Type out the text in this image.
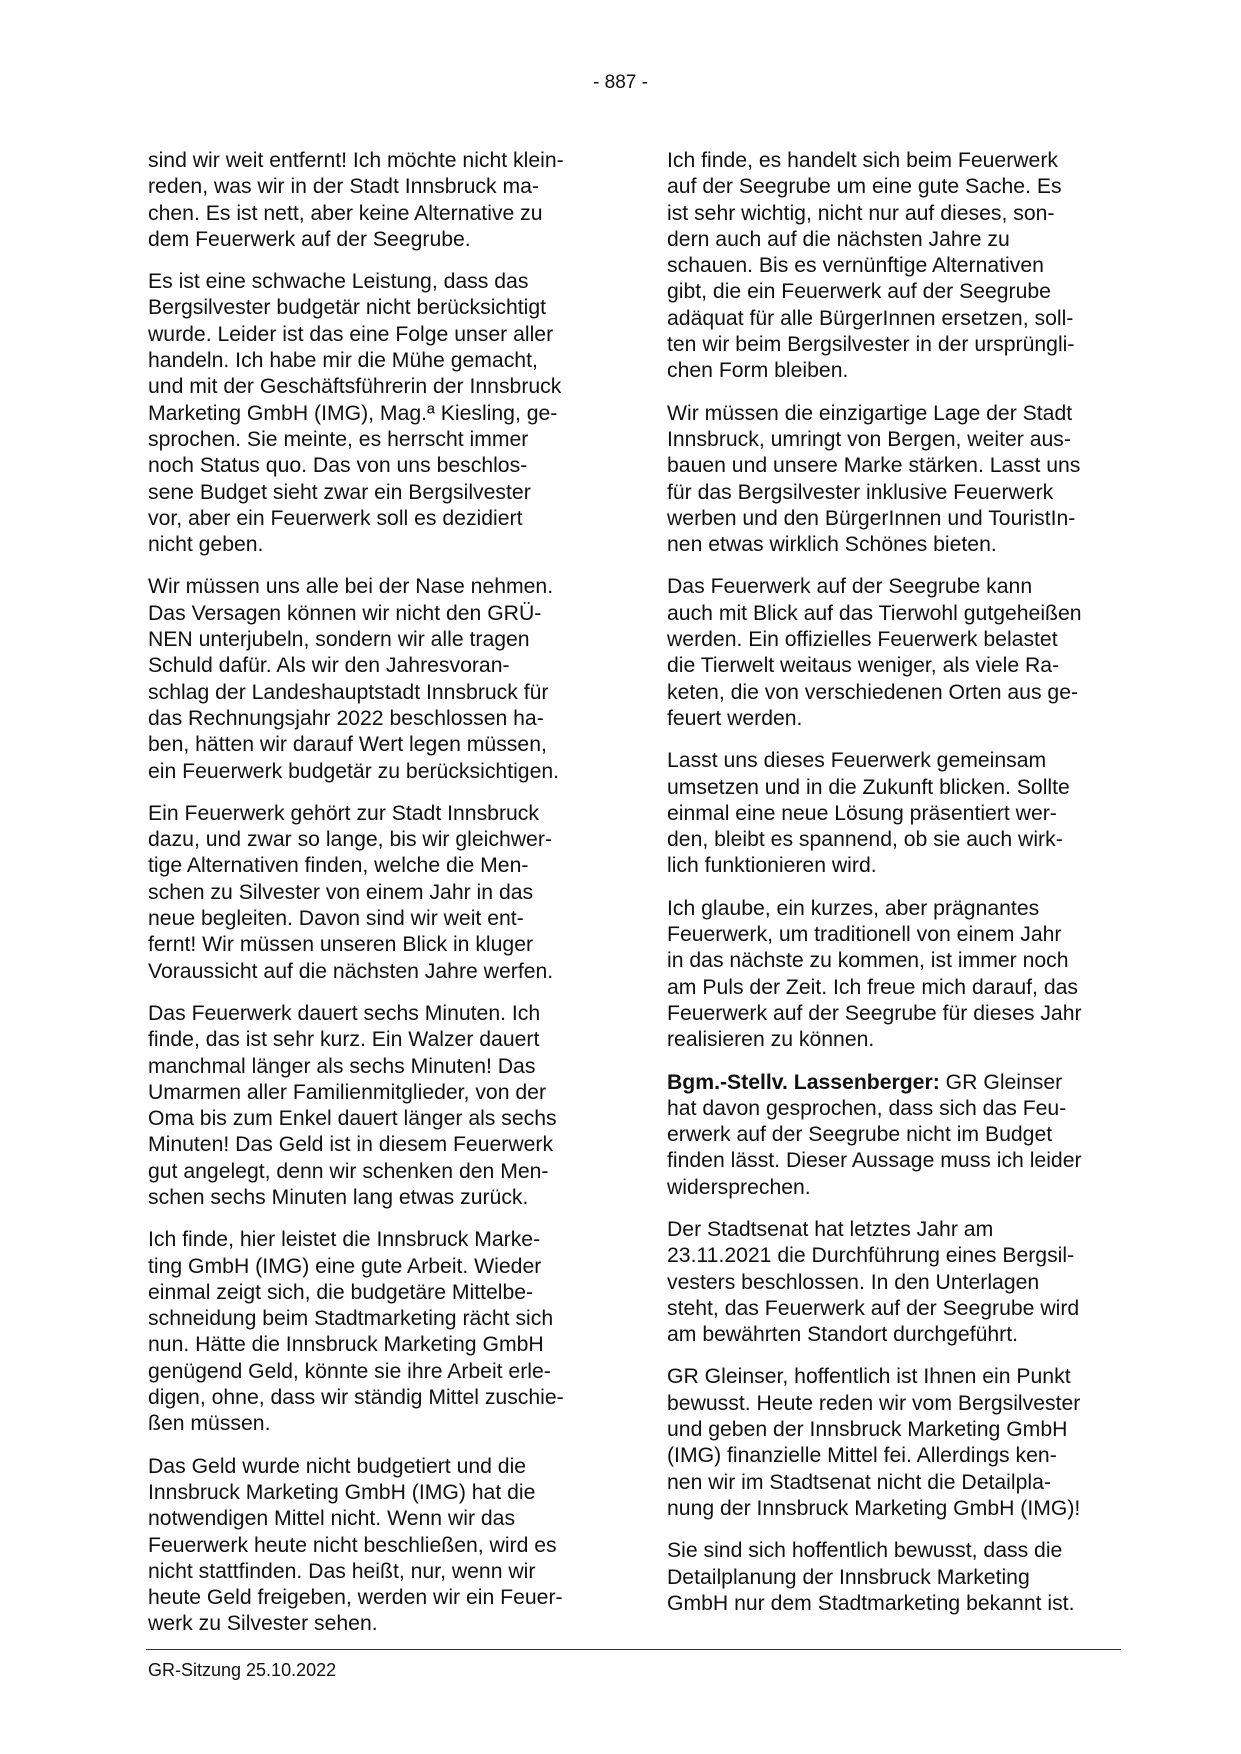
- 887 -

sind wir weit entfernt! Ich möchte nicht klein-
reden, was wir in der Stadt Innsbruck ma-
chen. Es ist nett, aber keine Alternative zu
dem Feuerwerk auf der Seegrube.

Es ist eine schwache Leistung, dass das
Bergsilvester budgetär nicht berücksichtigt
wurde. Leider ist das eine Folge unser aller
handeln. Ich habe mir die Mühe gemacht,
und mit der Geschäftsführerin der Innsbruck
Marketing GmbH (IMG), Mag.ª Kiesling, ge-
sprochen. Sie meinte, es herrscht immer
noch Status quo. Das von uns beschlos-
sene Budget sieht zwar ein Bergsilvester
vor, aber ein Feuerwerk soll es dezidiert
nicht geben.

Wir müssen uns alle bei der Nase nehmen.
Das Versagen können wir nicht den GRÜ-
NEN unterjubeln, sondern wir alle tragen
Schuld dafür. Als wir den Jahresvoran-
schlag der Landeshauptstadt Innsbruck für
das Rechnungsjahr 2022 beschlossen ha-
ben, hätten wir darauf Wert legen müssen,
ein Feuerwerk budgetär zu berücksichtigen.

Ein Feuerwerk gehört zur Stadt Innsbruck
dazu, und zwar so lange, bis wir gleichwer-
tige Alternativen finden, welche die Men-
schen zu Silvester von einem Jahr in das
neue begleiten. Davon sind wir weit ent-
fernt! Wir müssen unseren Blick in kluger
Voraussicht auf die nächsten Jahre werfen.

Das Feuerwerk dauert sechs Minuten. Ich
finde, das ist sehr kurz. Ein Walzer dauert
manchmal länger als sechs Minuten! Das
Umarmen aller Familienmitglieder, von der
Oma bis zum Enkel dauert länger als sechs
Minuten! Das Geld ist in diesem Feuerwerk
gut angelegt, denn wir schenken den Men-
schen sechs Minuten lang etwas zurück.

Ich finde, hier leistet die Innsbruck Marke-
ting GmbH (IMG) eine gute Arbeit. Wieder
einmal zeigt sich, die budgetäre Mittelbe-
schneidung beim Stadtmarketing rächt sich
nun. Hätte die Innsbruck Marketing GmbH
genügend Geld, könnte sie ihre Arbeit erle-
digen, ohne, dass wir ständig Mittel zuschie-
ßen müssen.

Das Geld wurde nicht budgetiert und die
Innsbruck Marketing GmbH (IMG) hat die
notwendigen Mittel nicht. Wenn wir das
Feuerwerk heute nicht beschließen, wird es
nicht stattfinden. Das heißt, nur, wenn wir
heute Geld freigeben, werden wir ein Feuer-
werk zu Silvester sehen.

Ich finde, es handelt sich beim Feuerwerk
auf der Seegrube um eine gute Sache. Es
ist sehr wichtig, nicht nur auf dieses, son-
dern auch auf die nächsten Jahre zu
schauen. Bis es vernünftige Alternativen
gibt, die ein Feuerwerk auf der Seegrube
adäquat für alle BürgerInnen ersetzen, soll-
ten wir beim Bergsilvester in der ursprüngli-
chen Form bleiben.

Wir müssen die einzigartige Lage der Stadt
Innsbruck, umringt von Bergen, weiter aus-
bauen und unsere Marke stärken. Lasst uns
für das Bergsilvester inklusive Feuerwerk
werben und den BürgerInnen und TouristIn-
nen etwas wirklich Schönes bieten.

Das Feuerwerk auf der Seegrube kann
auch mit Blick auf das Tierwohl gutgeheißen
werden. Ein offizielles Feuerwerk belastet
die Tierwelt weitaus weniger, als viele Ra-
keten, die von verschiedenen Orten aus ge-
feuert werden.

Lasst uns dieses Feuerwerk gemeinsam
umsetzen und in die Zukunft blicken. Sollte
einmal eine neue Lösung präsentiert wer-
den, bleibt es spannend, ob sie auch wirk-
lich funktionieren wird.

Ich glaube, ein kurzes, aber prägnantes
Feuerwerk, um traditionell von einem Jahr
in das nächste zu kommen, ist immer noch
am Puls der Zeit. Ich freue mich darauf, das
Feuerwerk auf der Seegrube für dieses Jahr
realisieren zu können.

Bgm.-Stellv. Lassenberger: GR Gleinser
hat davon gesprochen, dass sich das Feu-
erwerk auf der Seegrube nicht im Budget
finden lässt. Dieser Aussage muss ich leider
widersprechen.

Der Stadtsenat hat letztes Jahr am
23.11.2021 die Durchführung eines Bergsil-
vesters beschlossen. In den Unterlagen
steht, das Feuerwerk auf der Seegrube wird
am bewährten Standort durchgeführt.

GR Gleinser, hoffentlich ist Ihnen ein Punkt
bewusst. Heute reden wir vom Bergsilvester
und geben der Innsbruck Marketing GmbH
(IMG) finanzielle Mittel fei. Allerdings ken-
nen wir im Stadtsenat nicht die Detailpla-
nung der Innsbruck Marketing GmbH (IMG)!

Sie sind sich hoffentlich bewusst, dass die
Detailplanung der Innsbruck Marketing
GmbH nur dem Stadtmarketing bekannt ist.

GR-Sitzung 25.10.2022
